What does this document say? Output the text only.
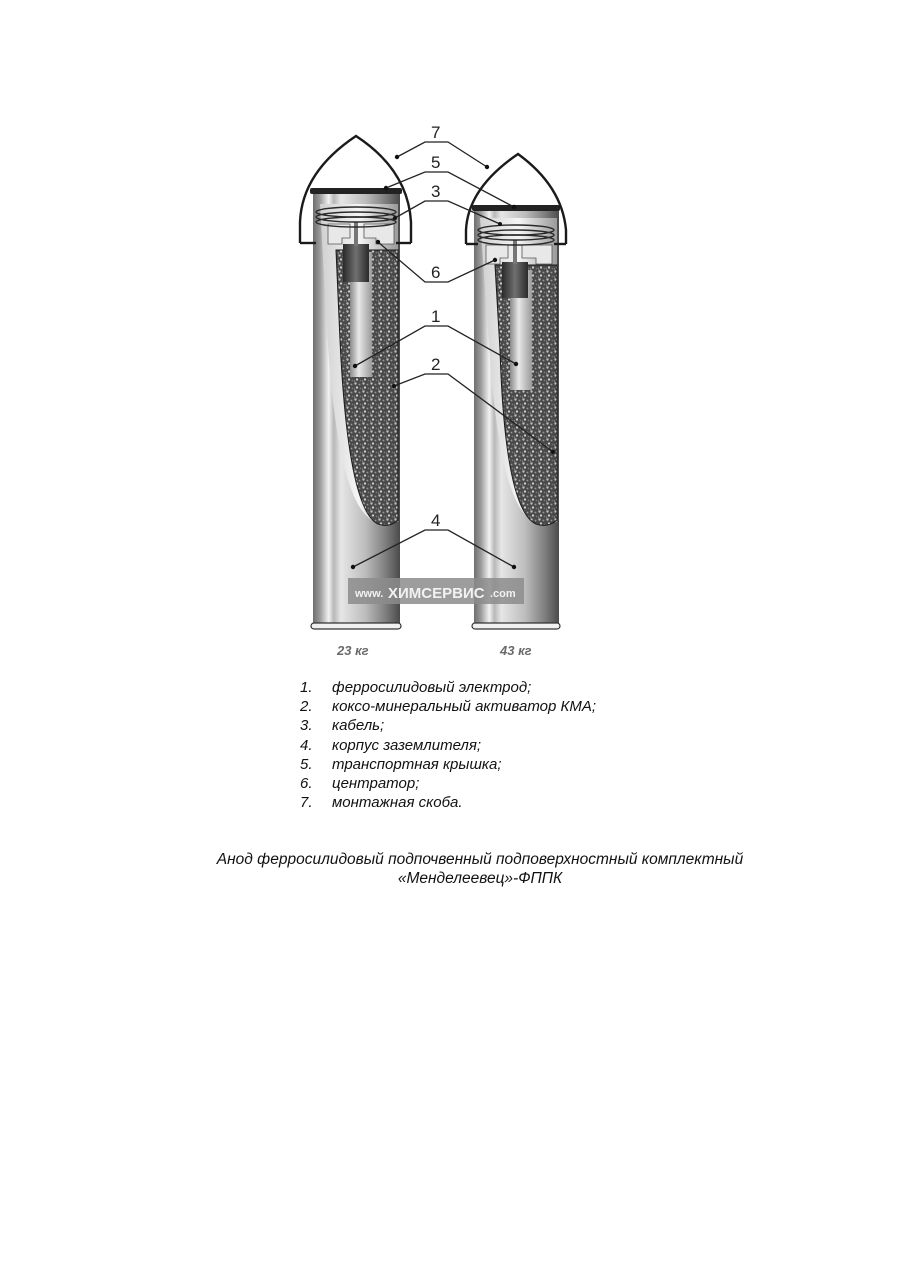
www. ХИМСЕРВИС .com
7
5
3
6
1
2
4
23 кг	43 кг
1.	ферросилидовый электрод;
2.	коксо-минеральный активатор КМА;
3.	кабель;
4.	корпус заземлителя;
5.	транспортная крышка;
6.	центратор;
7.	монтажная скоба.
Анод ферросилидовый подпочвенный подповерхностный комплектный
«Менделеевец»-ФППК
